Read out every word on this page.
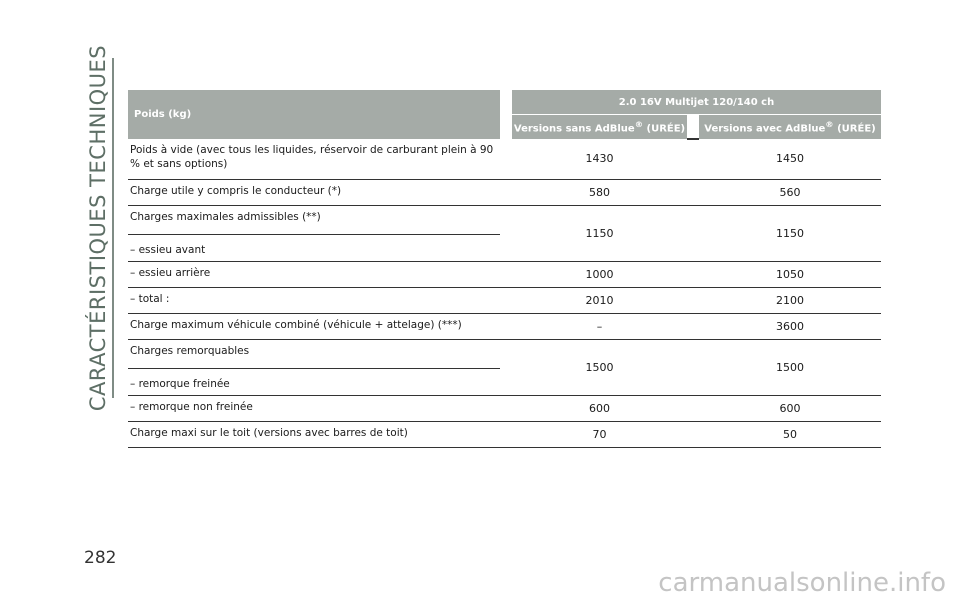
CARACTÉRISTIQUES TECHNIQUES Poids (kg)		2.0 16V Multijet 120/140 ch		
		Versions sans AdBlue® (URÉE)		Versions avec AdBlue® (URÉE)
Poids à vide (avec tous les liquides, réservoir de carburant plein à 90 % et sans options)		1430		1450
Charge utile y compris le conducteur (*)		580		560

Charges maximales admissibles (**)
– essieu avant		1150		1150
– essieu arrière		1000		1050
– total :		2010		2100
Charge maximum véhicule combiné (véhicule + attelage) (***)		–		3600

Charges remorquables
– remorque freinée		1500		1500
– remorque non freinée		600		600
Charge maxi sur le toit (versions avec barres de toit)		70		50
282
carmanualsonline.info
